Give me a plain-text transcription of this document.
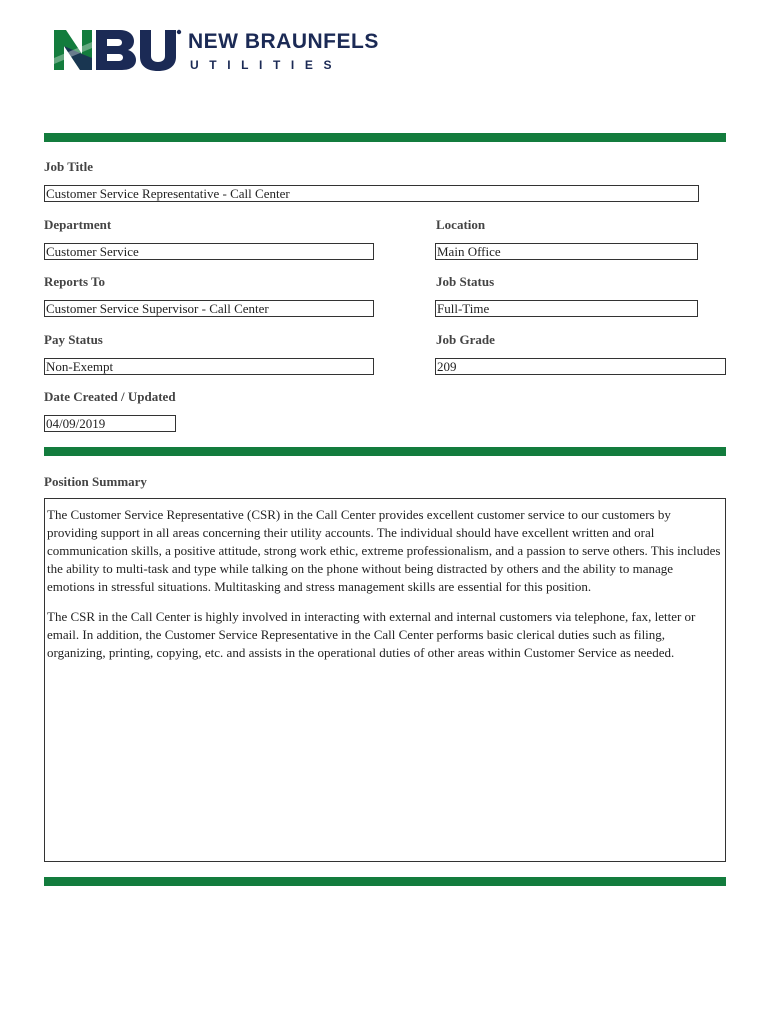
NEW BRAUNFELS
UTILITIES
Job Title
Customer Service Representative - Call Center
Department	Location
Customer Service	Main Office
Reports To	Job Status
Customer Service Supervisor - Call Center	Full-Time
Pay Status	Job Grade
Non-Exempt	209
Date Created / Updated
04/09/2019
Position Summary

The Customer Service Representative (CSR) in the Call Center provides excellent customer service to our customers by providing support in all areas concerning their utility accounts. The individual should have excellent written and oral communication skills, a positive attitude, strong work ethic, extreme professionalism, and a passion to serve others. This includes the ability to multi-task and type while talking on the phone without being distracted by others and the ability to manage emotions in stressful situations. Multitasking and stress management skills are essential for this position.

The CSR in the Call Center is highly involved in interacting with external and internal customers via telephone, fax, letter or email. In addition, the Customer Service Representative in the Call Center performs basic clerical duties such as filing, organizing, printing, copying, etc. and assists in the operational duties of other areas within Customer Service as needed.
